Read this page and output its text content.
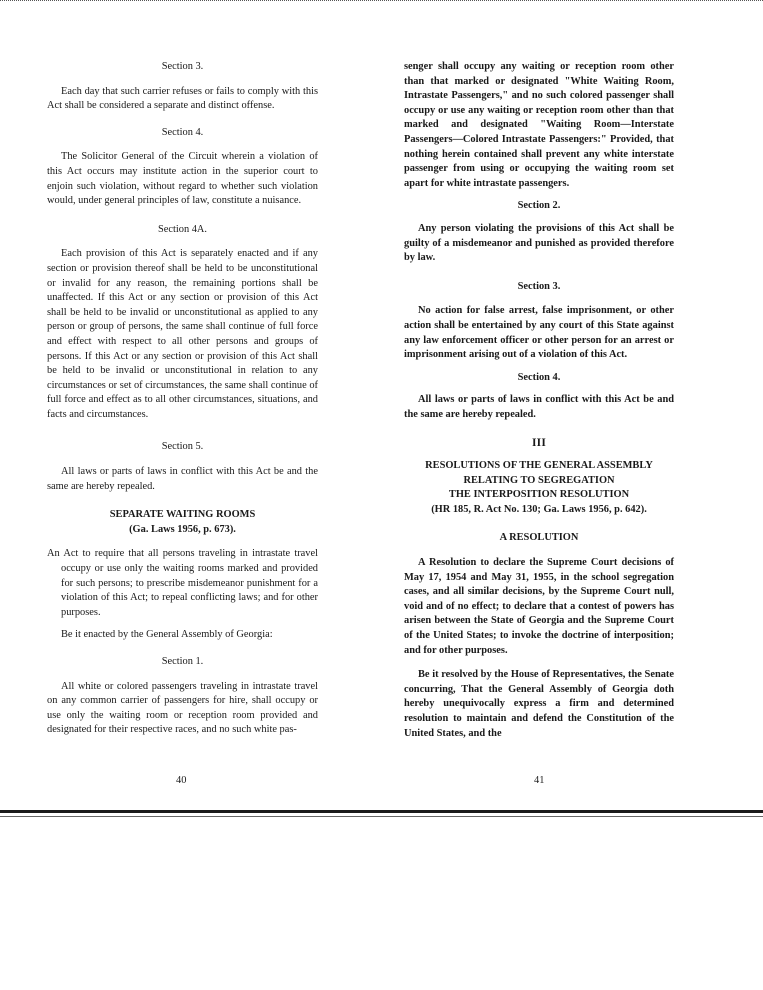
Section 3.

Each day that such carrier refuses or fails to comply with this Act shall be considered a separate and distinct offense.

Section 4.

The Solicitor General of the Circuit wherein a violation of this Act occurs may institute action in the superior court to enjoin such violation, without regard to whether such violation would, under general principles of law, constitute a nuisance.

Section 4A.

Each provision of this Act is separately enacted and if any section or provision thereof shall be held to be unconstitutional or invalid for any reason, the remaining portions shall be unaffected. If this Act or any section or provision of this Act shall be held to be invalid or unconstitutional as applied to any person or group of persons, the same shall continue of full force and effect with respect to all other persons and groups of persons. If this Act or any section or provision of this Act shall be held to be invalid or unconstitutional in relation to any circumstances or set of circumstances, the same shall continue of full force and effect as to all other circumstances, situations, and facts and circumstances.

Section 5.

All laws or parts of laws in conflict with this Act be and the same are hereby repealed.

SEPARATE WAITING ROOMS

(Ga. Laws 1956, p. 673).

An Act to require that all persons traveling in intrastate travel occupy or use only the waiting rooms marked and provided for such persons; to prescribe misdemeanor punishment for a violation of this Act; to repeal conflicting laws; and for other purposes.

Be it enacted by the General Assembly of Georgia:

Section 1.

All white or colored passengers traveling in intrastate travel on any common carrier of passengers for hire, shall occupy or use only the waiting room or reception room provided and designated for their respective races, and no such white pas-

40

senger shall occupy any waiting or reception room other than that marked or designated "White Waiting Room, Intrastate Passengers," and no such colored passenger shall occupy or use any waiting or reception room other than that marked and designated "Waiting Room—Interstate Passengers—Colored Intrastate Passengers:" Provided, that nothing herein contained shall prevent any white interstate passenger from using or occupying the waiting room set apart for white intrastate passengers.

Section 2.

Any person violating the provisions of this Act shall be guilty of a misdemeanor and punished as provided therefore by law.

Section 3.

No action for false arrest, false imprisonment, or other action shall be entertained by any court of this State against any law enforcement officer or other person for an arrest or imprisonment arising out of a violation of this Act.

Section 4.

All laws or parts of laws in conflict with this Act be and the same are hereby repealed.

III

RESOLUTIONS OF THE GENERAL ASSEMBLY

RELATING TO SEGREGATION

THE INTERPOSITION RESOLUTION

(HR 185, R. Act No. 130; Ga. Laws 1956, p. 642).

A RESOLUTION

A Resolution to declare the Supreme Court decisions of May 17, 1954 and May 31, 1955, in the school segregation cases, and all similar decisions, by the Supreme Court null, void and of no effect; to declare that a contest of powers has arisen between the State of Georgia and the Supreme Court of the United States; to invoke the doctrine of interposition; and for other purposes.

Be it resolved by the House of Representatives, the Senate concurring, That the General Assembly of Georgia doth hereby unequivocally express a firm and determined resolution to maintain and defend the Constitution of the United States, and the

41
